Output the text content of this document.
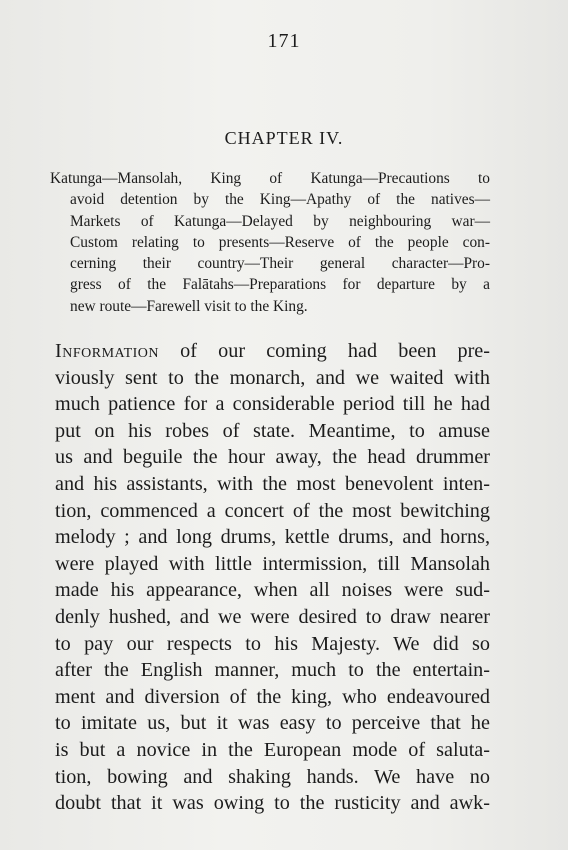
171
CHAPTER IV.
Katunga—Mansolah, King of Katunga—Precautions to
avoid detention by the King—Apathy of the natives—
Markets of Katunga—Delayed by neighbouring war—
Custom relating to presents—Reserve of the people con-
cerning their country—Their general character—Pro-
gress of the Falātahs—Preparations for departure by a
new route—Farewell visit to the King.
Information of our coming had been pre-
viously sent to the monarch, and we waited with
much patience for a considerable period till he had
put on his robes of state. Meantime, to amuse
us and beguile the hour away, the head drummer
and his assistants, with the most benevolent inten-
tion, commenced a concert of the most bewitching
melody ; and long drums, kettle drums, and horns,
were played with little intermission, till Mansolah
made his appearance, when all noises were sud-
denly hushed, and we were desired to draw nearer
to pay our respects to his Majesty. We did so
after the English manner, much to the entertain-
ment and diversion of the king, who endeavoured
to imitate us, but it was easy to perceive that he
is but a novice in the European mode of saluta-
tion, bowing and shaking hands. We have no
doubt that it was owing to the rusticity and awk-
